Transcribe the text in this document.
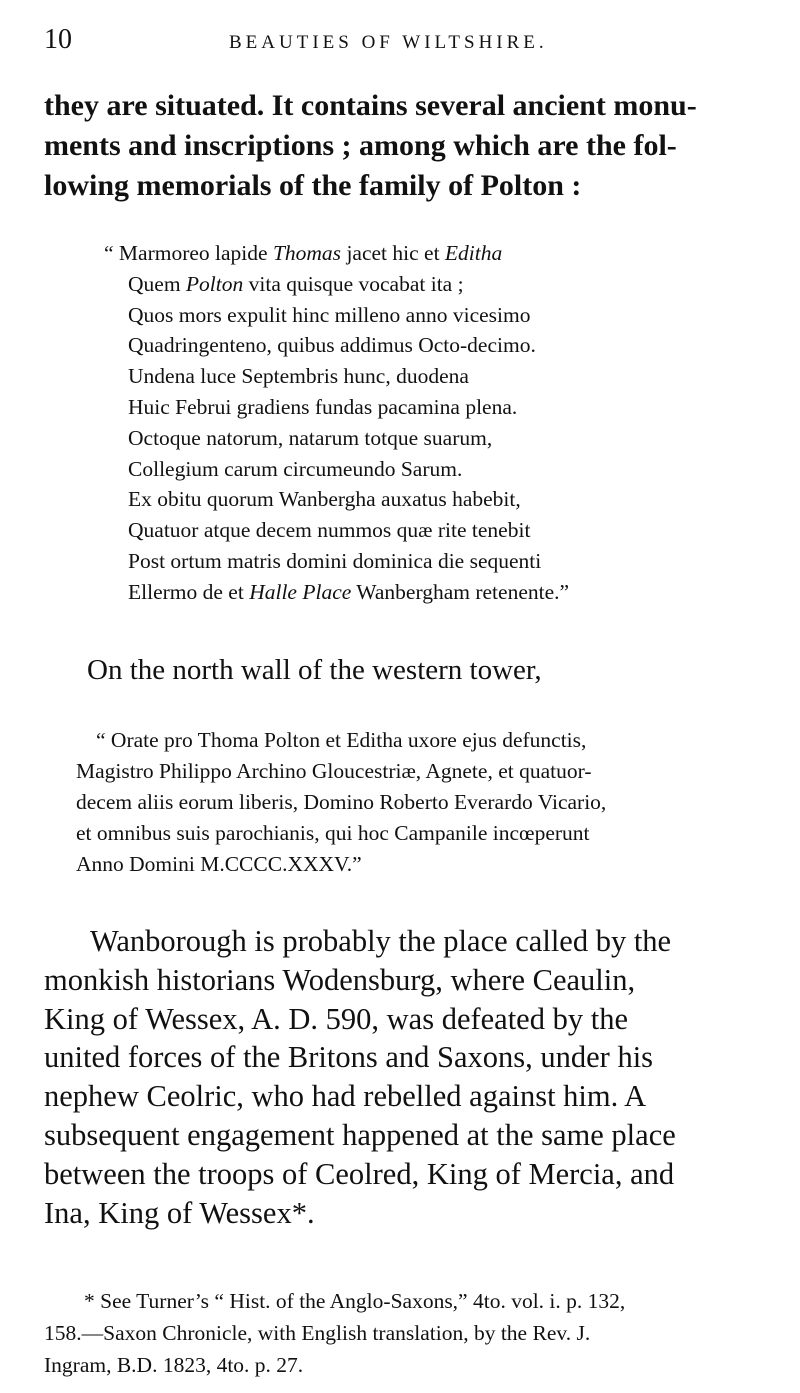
10	BEAUTIES OF WILTSHIRE.
they are situated. It contains several ancient monu-
ments and inscriptions ; among which are the fol-
lowing memorials of the family of Polton :
“ Marmoreo lapide Thomas jacet hic et Editha
Quem Polton vita quisque vocabat ita ;
Quos mors expulit hinc milleno anno vicesimo
Quadringenteno, quibus addimus Octo-decimo.
Undena luce Septembris hunc, duodena
Huic Februi gradiens fundas pacamina plena.
Octoque natorum, natarum totque suarum,
Collegium carum circumeundo Sarum.
Ex obitu quorum Wanbergha auxatus habebit,
Quatuor atque decem nummos quæ rite tenebit
Post ortum matris domini dominica die sequenti
Ellermo de et Halle Place Wanbergham retenente.”
On the north wall of the western tower,
“ Orate pro Thoma Polton et Editha uxore ejus defunctis,
Magistro Philippo Archino Gloucestriæ, Agnete, et quatuor-
decem aliis eorum liberis, Domino Roberto Everardo Vicario,
et omnibus suis parochianis, qui hoc Campanile incœperunt
Anno Domini M.CCCC.XXXV.”
Wanborough is probably the place called by the
monkish historians Wodensburg, where Ceaulin,
King of Wessex, A. D. 590, was defeated by the
united forces of the Britons and Saxons, under his
nephew Ceolric, who had rebelled against him. A
subsequent engagement happened at the same place
between the troops of Ceolred, King of Mercia, and
Ina, King of Wessex*.
* See Turner’s “ Hist. of the Anglo-Saxons,” 4to. vol. i. p. 132,
158.—Saxon Chronicle, with English translation, by the Rev. J.
Ingram, B.D. 1823, 4to. p. 27.
